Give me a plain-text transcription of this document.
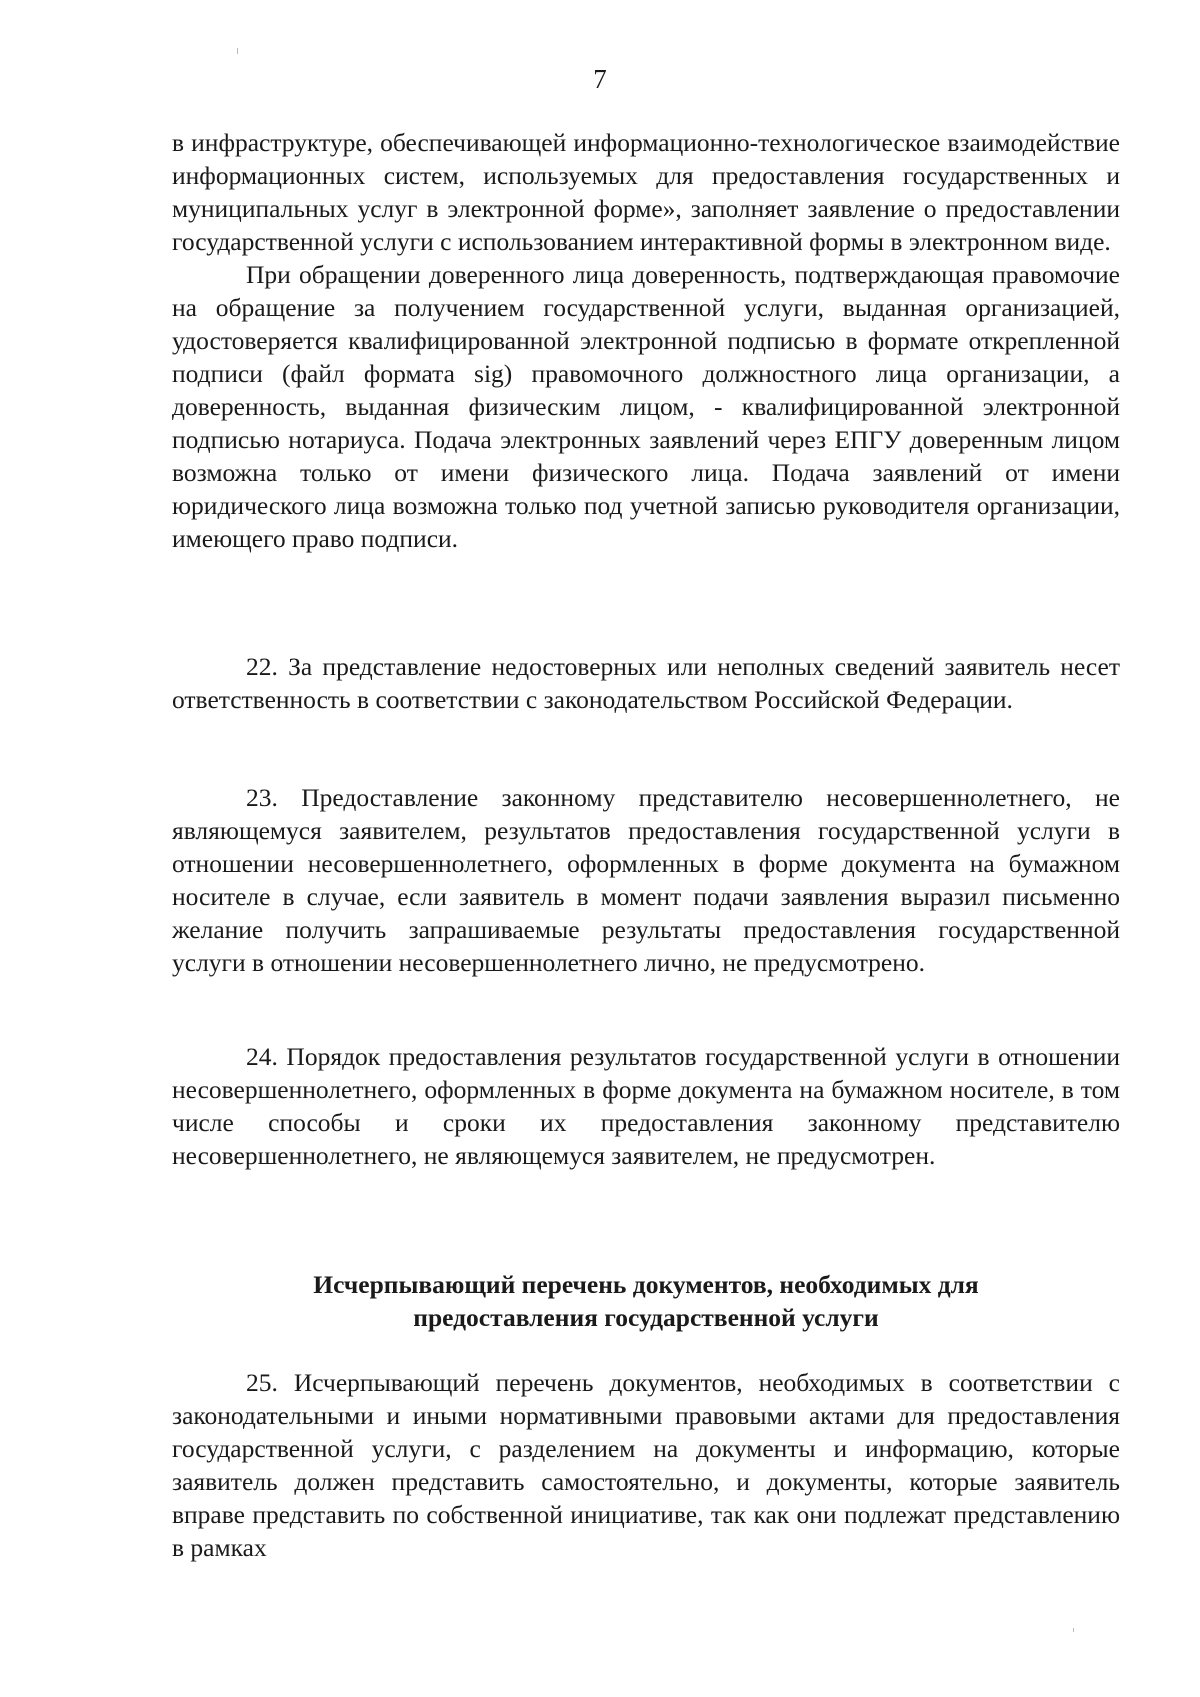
7

в инфраструктуре, обеспечивающей информационно-технологическое взаимодействие информационных систем, используемых для предоставления государственных и муниципальных услуг в электронной форме», заполняет заявление о предоставлении государственной услуги с использованием интерактивной формы в электронном виде.

При обращении доверенного лица доверенность, подтверждающая правомочие на обращение за получением государственной услуги, выданная организацией, удостоверяется квалифицированной электронной подписью в формате открепленной подписи (файл формата sig) правомочного должностного лица организации, а доверенность, выданная физическим лицом, - квалифицированной электронной подписью нотариуса. Подача электронных заявлений через ЕПГУ доверенным лицом возможна только от имени физического лица. Подача заявлений от имени юридического лица возможна только под учетной записью руководителя организации, имеющего право подписи.

22. За представление недостоверных или неполных сведений заявитель несет ответственность в соответствии с законодательством Российской Федерации.

23. Предоставление законному представителю несовершеннолетнего, не являющемуся заявителем, результатов предоставления государственной услуги в отношении несовершеннолетнего, оформленных в форме документа на бумажном носителе в случае, если заявитель в момент подачи заявления выразил письменно желание получить запрашиваемые результаты предоставления государственной услуги в отношении несовершеннолетнего лично, не предусмотрено.

24. Порядок предоставления результатов государственной услуги в отношении несовершеннолетнего, оформленных в форме документа на бумажном носителе, в том числе способы и сроки их предоставления законному представителю несовершеннолетнего, не являющемуся заявителем, не предусмотрен.

Исчерпывающий перечень документов, необходимых для
предоставления государственной услуги

25. Исчерпывающий перечень документов, необходимых в соответствии с законодательными и иными нормативными правовыми актами для предоставления государственной услуги, с разделением на документы и информацию, которые заявитель должен представить самостоятельно, и документы, которые заявитель вправе представить по собственной инициативе, так как они подлежат представлению в рамках
